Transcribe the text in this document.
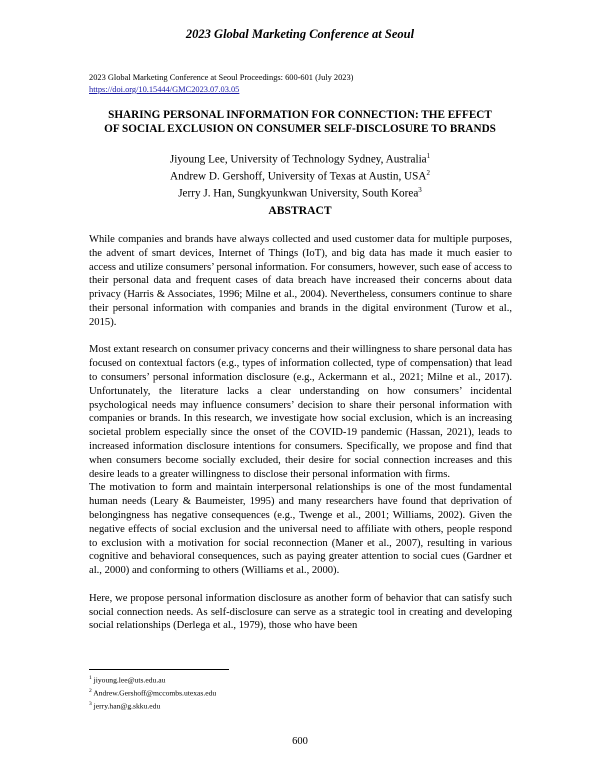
2023 Global Marketing Conference at Seoul
2023 Global Marketing Conference at Seoul Proceedings: 600-601 (July 2023)
https://doi.org/10.15444/GMC2023.07.03.05
SHARING PERSONAL INFORMATION FOR CONNECTION: THE EFFECT
OF SOCIAL EXCLUSION ON CONSUMER SELF-DISCLOSURE TO BRANDS
Jiyoung Lee, University of Technology Sydney, Australia$^1$
Andrew D. Gershoff, University of Texas at Austin, USA$^2$
Jerry J. Han, Sungkyunkwan University, South Korea$^3$
ABSTRACT

While companies and brands have always collected and used customer data for multiple purposes, the advent of smart devices, Internet of Things (IoT), and big data has made it much easier to access and utilize consumers’ personal information. For consumers, however, such ease of access to their personal data and frequent cases of data breach have increased their concerns about data privacy (Harris & Associates, 1996; Milne et al., 2004). Nevertheless, consumers continue to share their personal information with companies and brands in the digital environment (Turow et al., 2015).

Most extant research on consumer privacy concerns and their willingness to share personal data has focused on contextual factors (e.g., types of information collected, type of compensation) that lead to consumers’ personal information disclosure (e.g., Ackermann et al., 2021; Milne et al., 2017). Unfortunately, the literature lacks a clear understanding on how consumers’ incidental psychological needs may influence consumers’ decision to share their personal information with companies or brands. In this research, we investigate how social exclusion, which is an increasing societal problem especially since the onset of the COVID-19 pandemic (Hassan, 2021), leads to increased information disclosure intentions for consumers. Specifically, we propose and find that when consumers become socially excluded, their desire for social connection increases and this desire leads to a greater willingness to disclose their personal information with firms.

The motivation to form and maintain interpersonal relationships is one of the most fundamental human needs (Leary & Baumeister, 1995) and many researchers have found that deprivation of belongingness has negative consequences (e.g., Twenge et al., 2001; Williams, 2002). Given the negative effects of social exclusion and the universal need to affiliate with others, people respond to exclusion with a motivation for social reconnection (Maner et al., 2007), resulting in various cognitive and behavioral consequences, such as paying greater attention to social cues (Gardner et al., 2000) and conforming to others (Williams et al., 2000).

Here, we propose personal information disclosure as another form of behavior that can satisfy such social connection needs. As self-disclosure can serve as a strategic tool in creating and developing social relationships (Derlega et al., 1979), those who have been

$^1$ jiyoung.lee@uts.edu.au
$^2$ Andrew.Gershoff@mccombs.utexas.edu
$^3$ jerry.han@g.skku.edu
600
